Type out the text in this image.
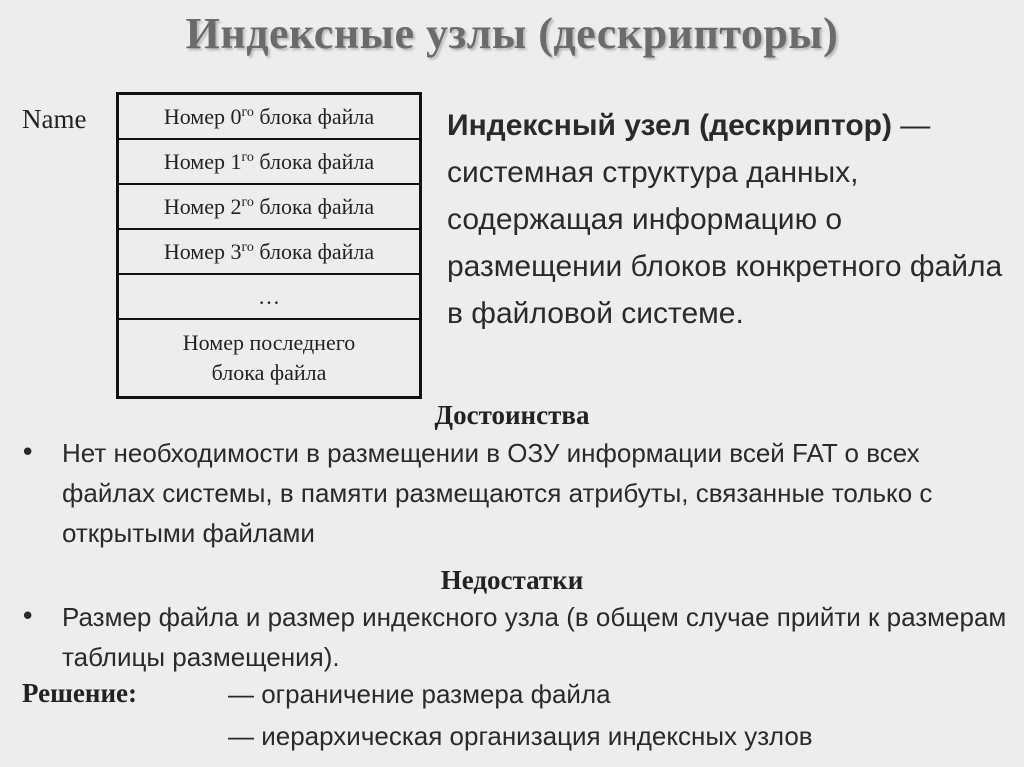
Индексные узлы (дескрипторы)
Name	Номер $0^{го}$ блока файла
Номер $1^{го}$ блока файла
Номер $2^{го}$ блока файла
Номер $3^{го}$ блока файла
…
Номер последнего
блока файла
Индексный узел (дескриптор) — системная структура данных, содержащая информацию о размещении блоков конкретного файла в файловой системе.
Достоинства
• Нет необходимости в размещении в ОЗУ информации всей FAT о всех файлах системы, в памяти размещаются атрибуты, связанные только с открытыми файлами
Недостатки
• Размер файла и размер индексного узла (в общем случае прийти к размерам таблицы размещения).
Решение:	— ограничение размера файла
— иерархическая организация индексных узлов
